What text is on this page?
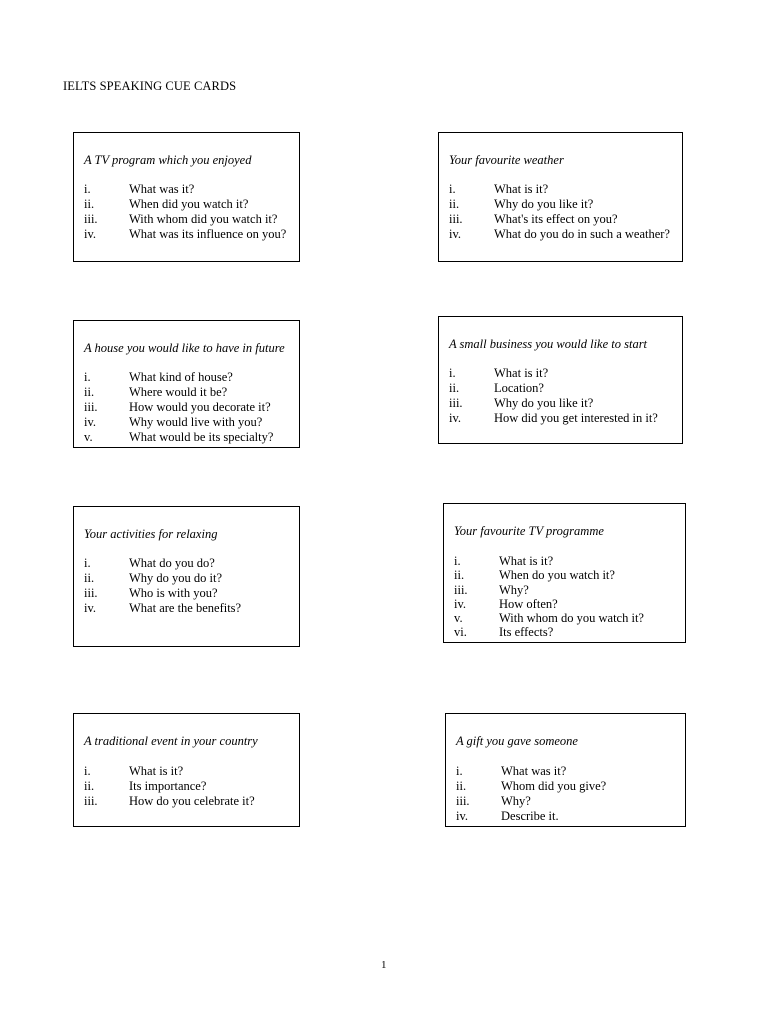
IELTS SPEAKING CUE CARDS
A TV program which you enjoyed
i.	What was it?
ii.	When did you watch it?
iii.	With whom did you watch it?
iv.	What was its influence on you?
Your favourite weather
i.	What is it?
ii.	Why do you like it?
iii.	What's its effect on you?
iv.	What do you do in such a weather?
A house you would like to have in future
i.	What kind of house?
ii.	Where would it be?
iii.	How would you decorate it?
iv.	Why would live with you?
v.	What would be its specialty?
A small business you would like to start
i.	What is it?
ii.	Location?
iii.	Why do you like it?
iv.	How did you get interested in it?
Your activities for relaxing
i.	What do you do?
ii.	Why do you do it?
iii.	Who is with you?
iv.	What are the benefits?
Your favourite TV programme
i.	What is it?
ii.	When do you watch it?
iii.	Why?
iv.	How often?
v.	With whom do you watch it?
vi.	Its effects?
A traditional event in your country
i.	What is it?
ii.	Its importance?
iii.	How do you celebrate it?
A gift you gave someone
i.	What was it?
ii.	Whom did you give?
iii.	Why?
iv.	Describe it.
1
